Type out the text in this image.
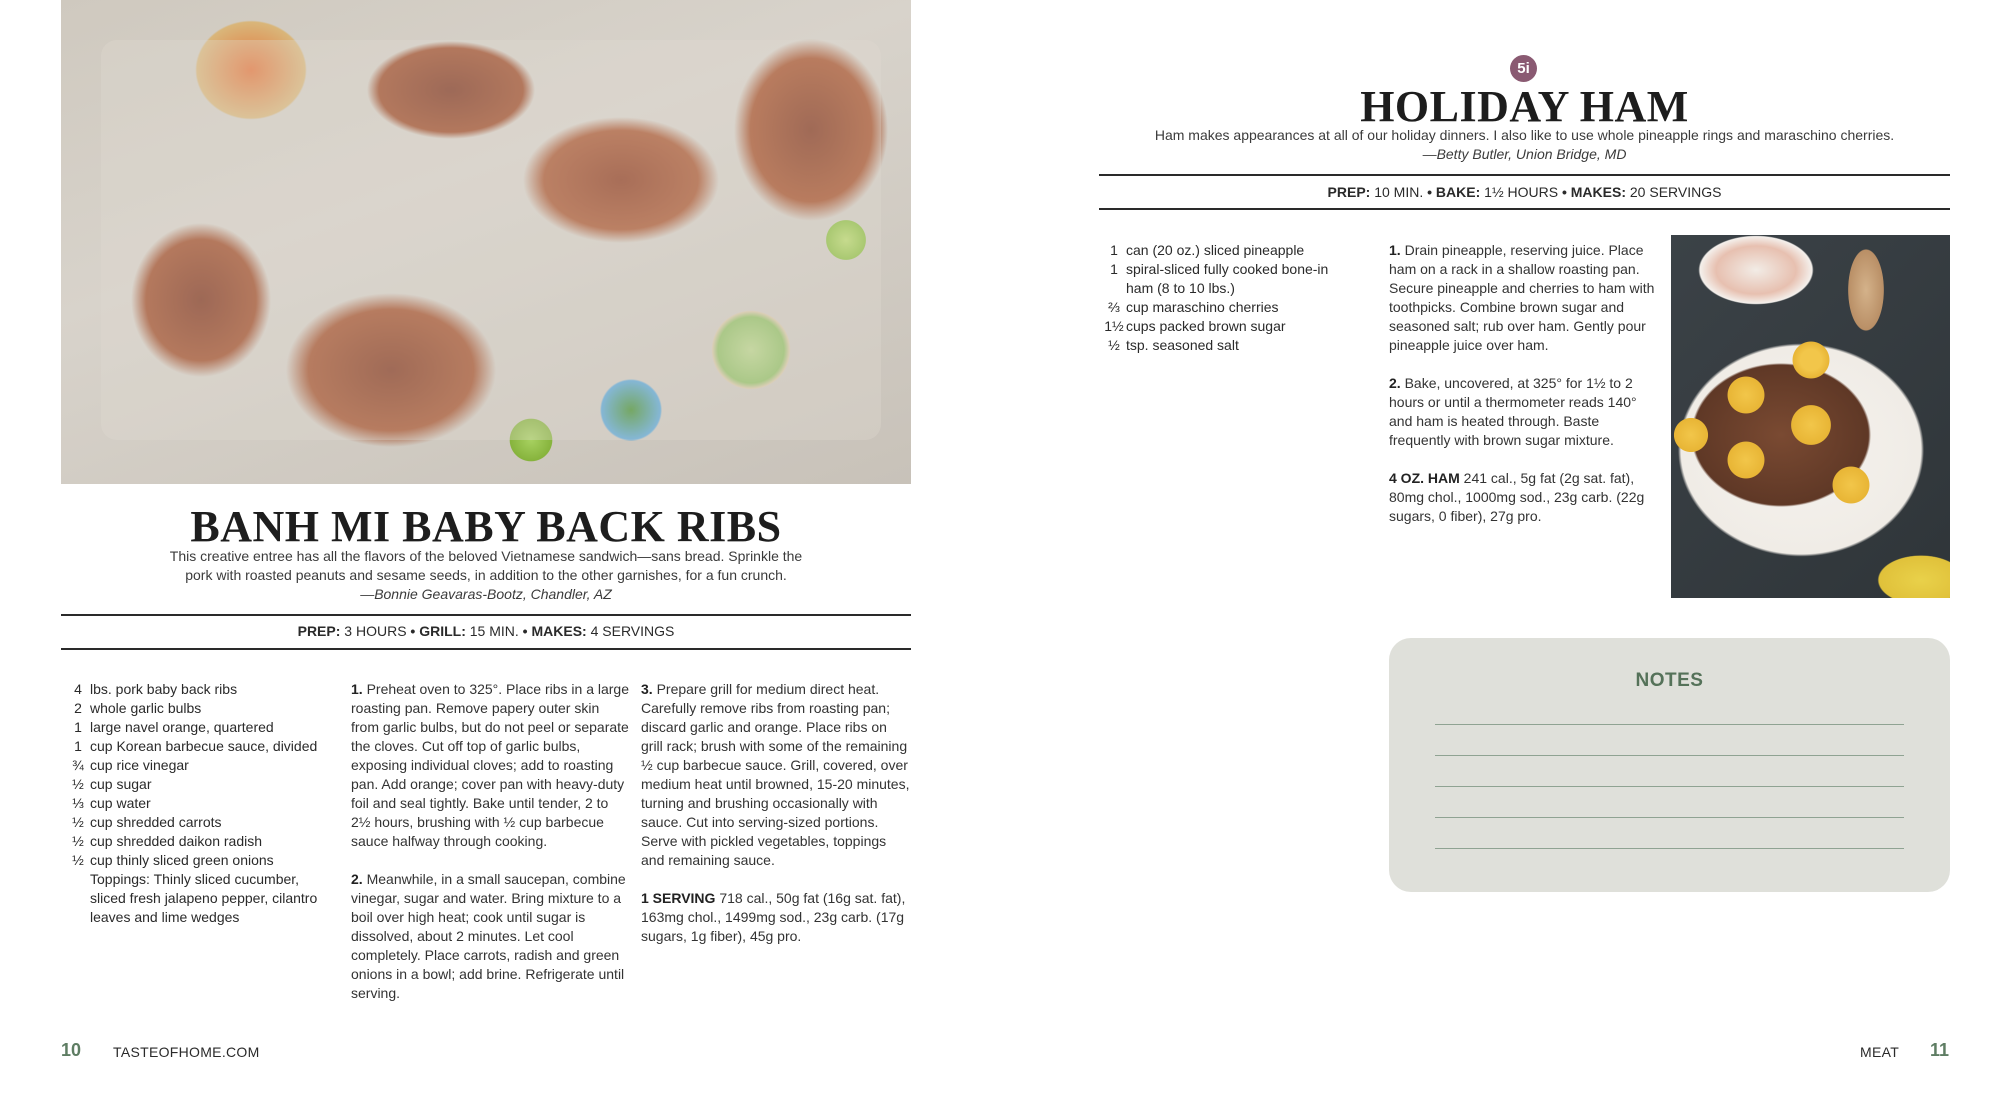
BANH MI BABY BACK RIBS
This creative entree has all the flavors of the beloved Vietnamese sandwich—sans bread. Sprinkle the
pork with roasted peanuts and sesame seeds, in addition to the other garnishes, for a fun crunch.
—Bonnie Geavaras-Bootz, Chandler, AZ
PREP: 3 HOURS • GRILL: 15 MIN. • MAKES: 4 SERVINGS
4 lbs. pork baby back ribs
2 whole garlic bulbs
1 large navel orange, quartered
1 cup Korean barbecue sauce, divided
¾ cup rice vinegar
½ cup sugar
⅓ cup water
½ cup shredded carrots
½ cup shredded daikon radish
½ cup thinly sliced green onions
Toppings: Thinly sliced cucumber, sliced fresh jalapeno pepper, cilantro leaves and lime wedges

1. Preheat oven to 325°. Place ribs in a large roasting pan. Remove papery outer skin from garlic bulbs, but do not peel or separate the cloves. Cut off top of garlic bulbs, exposing individual cloves; add to roasting pan. Add orange; cover pan with heavy-duty foil and seal tightly. Bake until tender, 2 to 2½ hours, brushing with ½ cup barbecue sauce halfway through cooking.

2. Meanwhile, in a small saucepan, combine vinegar, sugar and water. Bring mixture to a boil over high heat; cook until sugar is dissolved, about 2 minutes. Let cool completely. Place carrots, radish and green onions in a bowl; add brine. Refrigerate until serving.

3. Prepare grill for medium direct heat. Carefully remove ribs from roasting pan; discard garlic and orange. Place ribs on grill rack; brush with some of the remaining ½ cup barbecue sauce. Grill, covered, over medium heat until browned, 15-20 minutes, turning and brushing occasionally with sauce. Cut into serving-sized portions. Serve with pickled vegetables, toppings and remaining sauce.

1 SERVING 718 cal., 50g fat (16g sat. fat), 163mg chol., 1499mg sod., 23g carb. (17g sugars, 1g fiber), 45g pro.

10 TASTEOFHOME.COM
5i
HOLIDAY HAM
Ham makes appearances at all of our holiday dinners. I also like to use whole pineapple rings and maraschino cherries.
—Betty Butler, Union Bridge, MD
PREP: 10 MIN. • BAKE: 1½ HOURS • MAKES: 20 SERVINGS
1 can (20 oz.) sliced pineapple
1 spiral-sliced fully cooked bone-in ham (8 to 10 lbs.)
⅔ cup maraschino cherries
1½ cups packed brown sugar
½ tsp. seasoned salt

1. Drain pineapple, reserving juice. Place ham on a rack in a shallow roasting pan. Secure pineapple and cherries to ham with toothpicks. Combine brown sugar and seasoned salt; rub over ham. Gently pour pineapple juice over ham.

2. Bake, uncovered, at 325° for 1½ to 2 hours or until a thermometer reads 140° and ham is heated through. Baste frequently with brown sugar mixture.

4 OZ. HAM 241 cal., 5g fat (2g sat. fat), 80mg chol., 1000mg sod., 23g carb. (22g sugars, 0 fiber), 27g pro.

NOTES
MEAT 11
